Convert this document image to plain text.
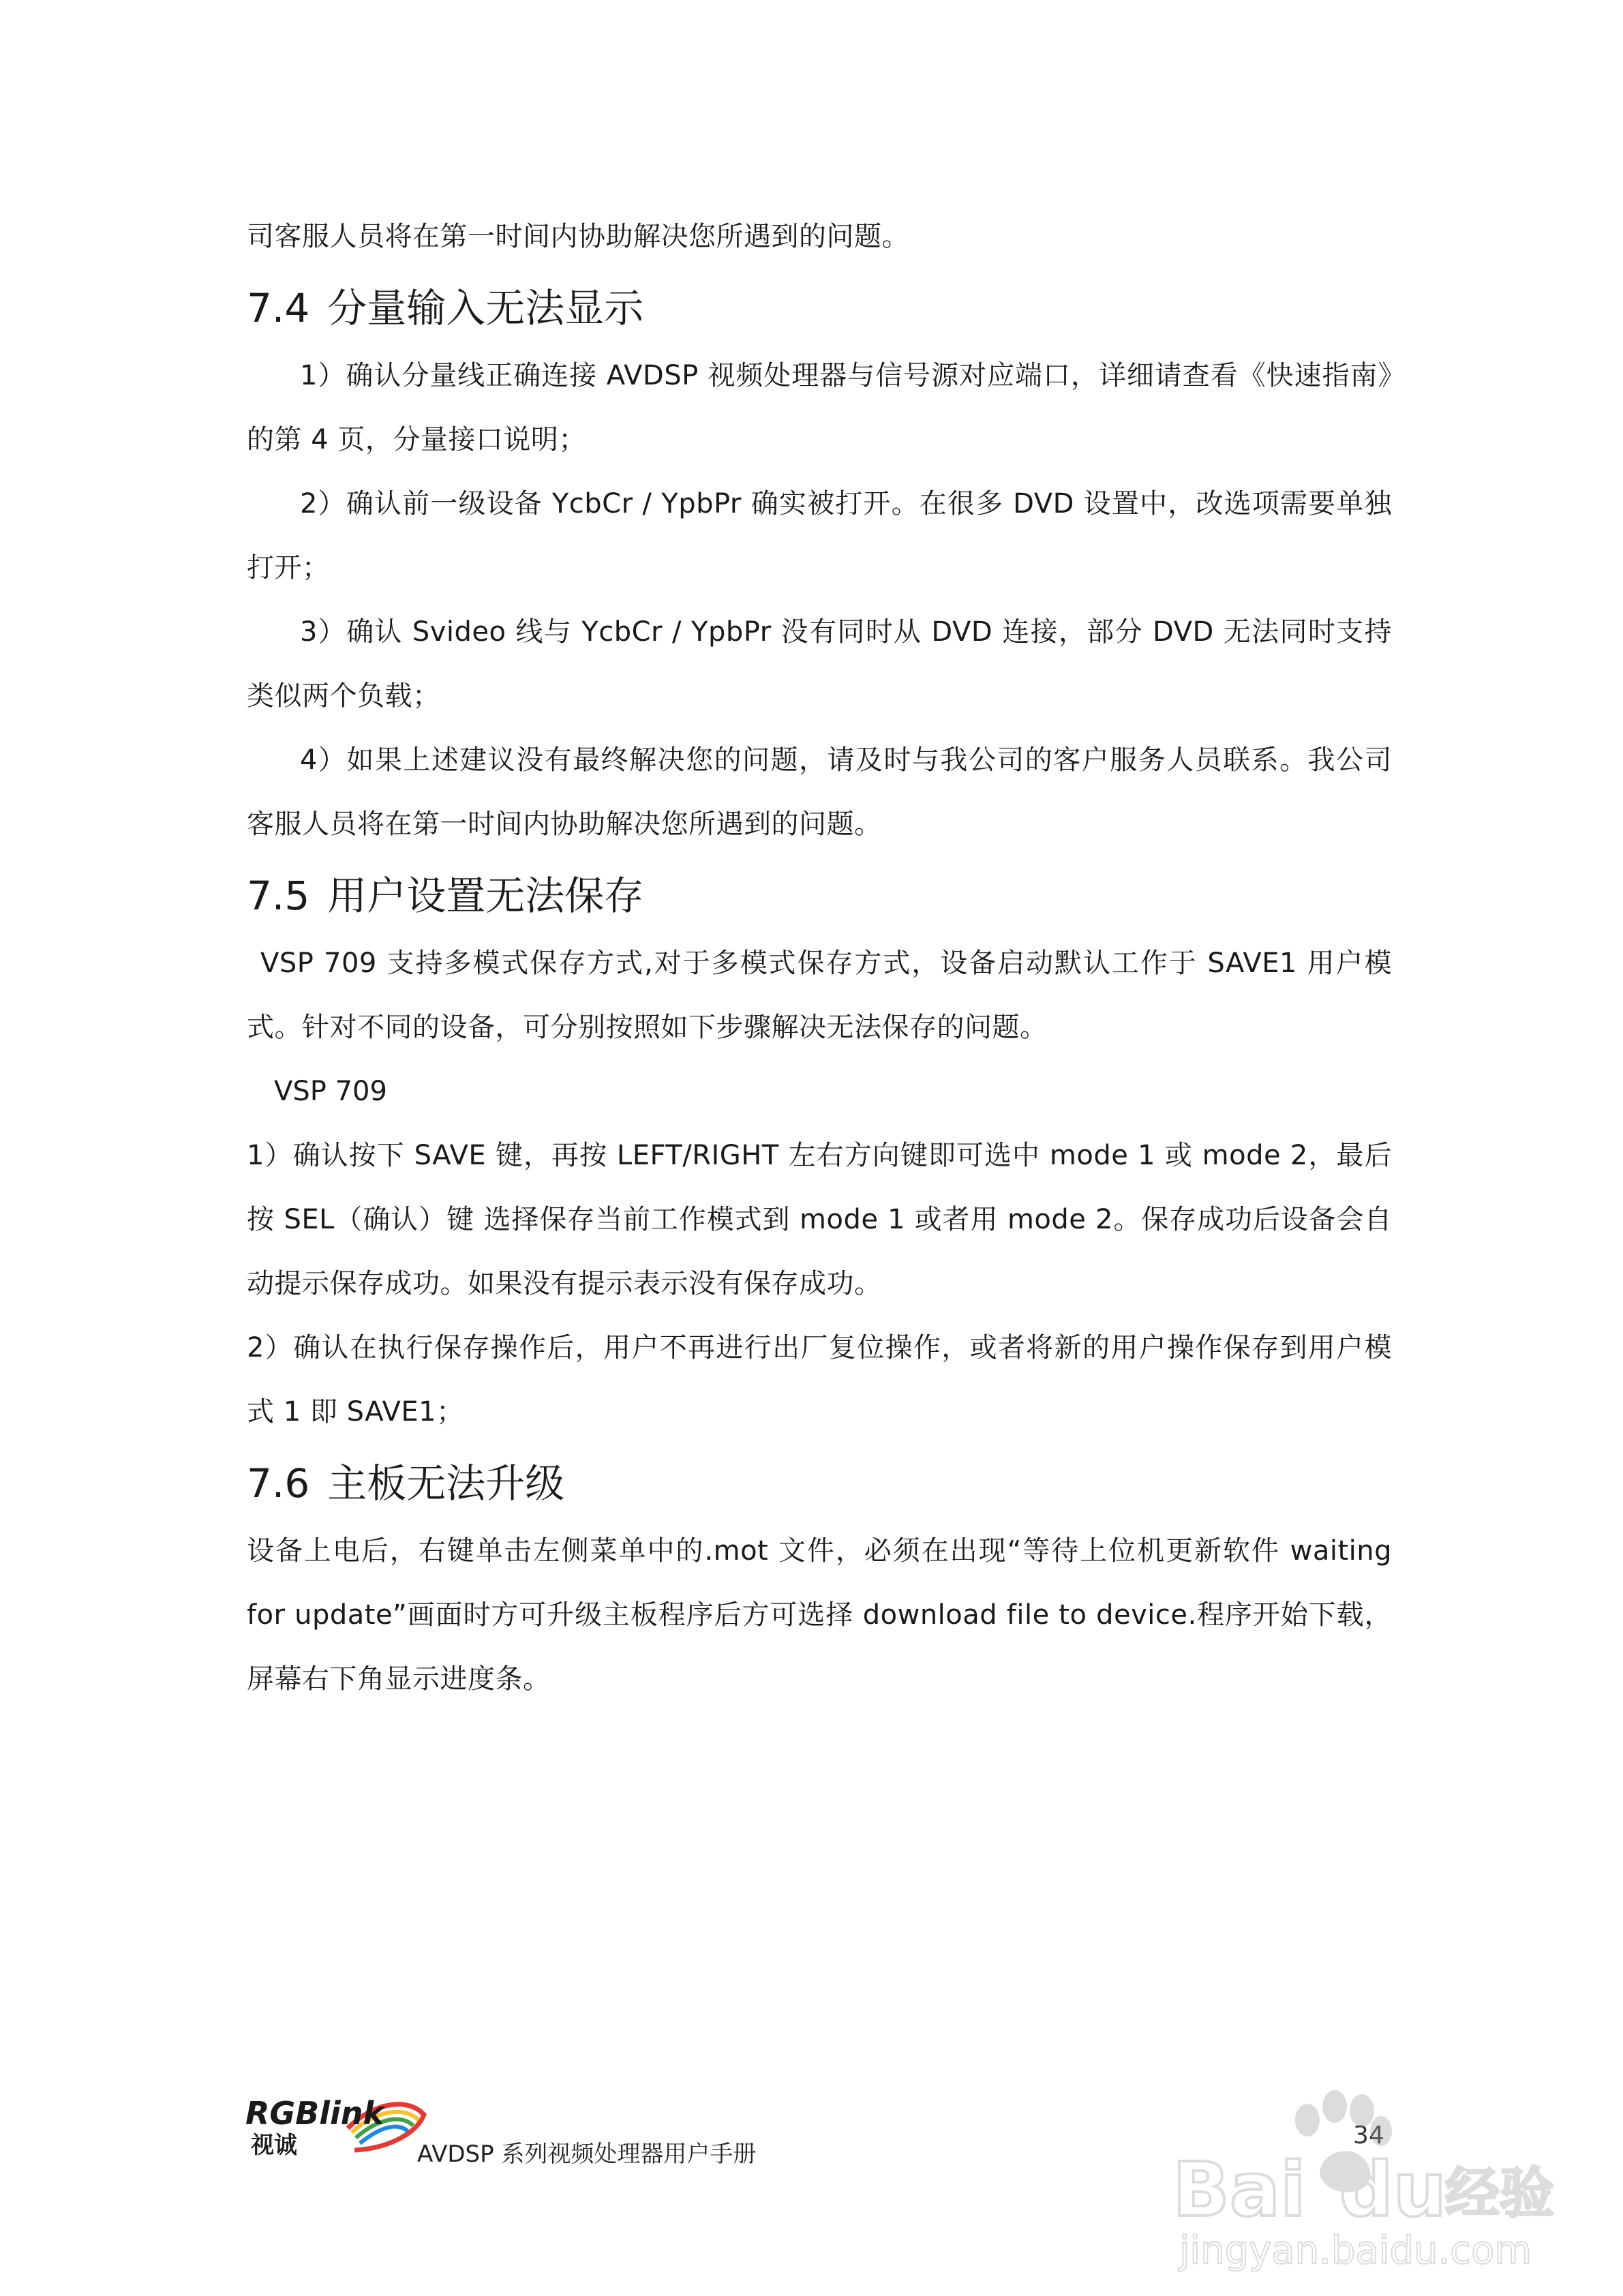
司客服人员将在第一时间内协助解决您所遇到的问题。

7.4 分量输入无法显示

1）确认分量线正确连接 AVDSP 视频处理器与信号源对应端口，详细请查看《快速指南》的第 4 页，分量接口说明；

2）确认前一级设备 YcbCr / YpbPr 确实被打开。在很多 DVD 设置中，改选项需要单独打开；

3）确认 Svideo 线与 YcbCr / YpbPr 没有同时从 DVD 连接，部分 DVD 无法同时支持类似两个负载；

4）如果上述建议没有最终解决您的问题，请及时与我公司的客户服务人员联系。我公司客服人员将在第一时间内协助解决您所遇到的问题。

7.5 用户设置无法保存

VSP 709 支持多模式保存方式,对于多模式保存方式，设备启动默认工作于 SAVE1 用户模式。针对不同的设备，可分别按照如下步骤解决无法保存的问题。

VSP 709

1）确认按下 SAVE 键，再按 LEFT/RIGHT 左右方向键即可选中 mode 1 或 mode 2，最后按 SEL（确认）键 选择保存当前工作模式到 mode 1 或者用 mode 2。保存成功后设备会自动提示保存成功。如果没有提示表示没有保存成功。

2）确认在执行保存操作后，用户不再进行出厂复位操作，或者将新的用户操作保存到用户模式 1 即 SAVE1；

7.6 主板无法升级

设备上电后，右键单击左侧菜单中的.mot 文件，必须在出现“等待上位机更新软件 waiting for update”画面时方可升级主板程序后方可选择 download file to device.程序开始下载，屏幕右下角显示进度条。

RGBlink
视诚	AVDSP 系列视频处理器用户手册
34
Bai du
经验
jingyan.baidu.com
